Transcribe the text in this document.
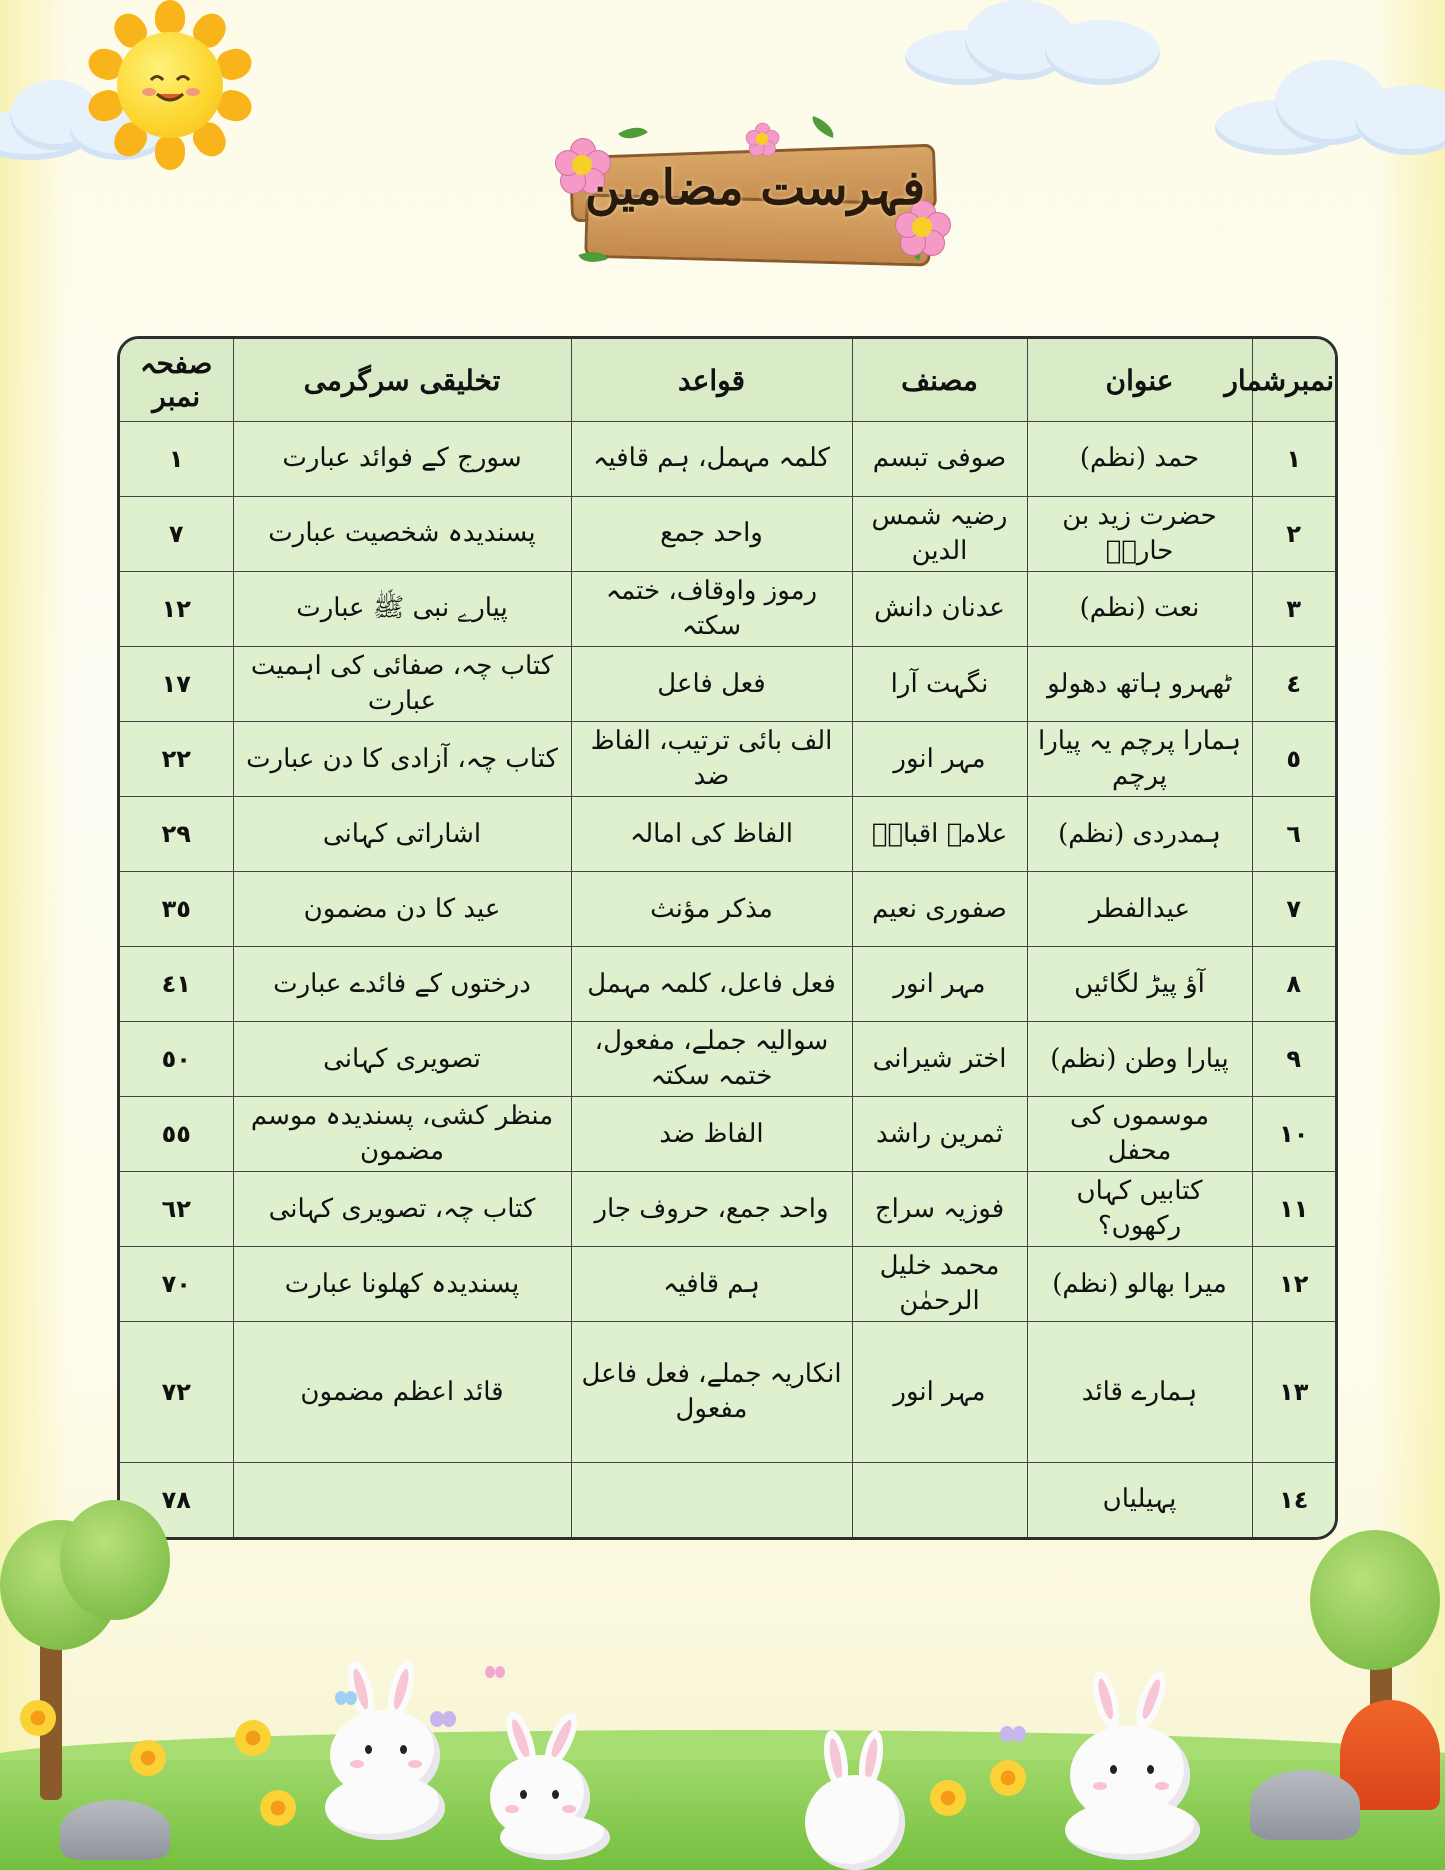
فہرست مضامین
نمبرشمار	عنوان	مصنف	قواعد	تخلیقی سرگرمی	صفحہ نمبر
١	حمد (نظم)	صوفی تبسم	کلمہ مہمل، ہم قافیہ	سورج کے فوائد عبارت	١
٢	حضرت زید بن حارثؓ	رضیہ شمس الدین	واحد جمع	پسندیدہ شخصیت عبارت	٧
٣	نعت (نظم)	عدنان دانش	رموز واوقاف، ختمہ سکتہ	پیارے نبی ﷺ عبارت	١٢
٤	ٹھہرو ہاتھ دھولو	نگہت آرا	فعل فاعل	کتاب چہ، صفائی کی اہمیت عبارت	١٧
٥	ہمارا پرچم یہ پیارا پرچم	مہر انور	الف بائی ترتیب، الفاظ ضد	کتاب چہ، آزادی کا دن عبارت	٢٢
٦	ہمدردی (نظم)	علامہ اقبالؒ	الفاظ کی امالہ	اشاراتی کہانی	٢٩
٧	عیدالفطر	صفوری نعیم	مذکر مؤنث	عید کا دن مضمون	٣٥
٨	آؤ پیڑ لگائیں	مہر انور	فعل فاعل، کلمہ مہمل	درختوں کے فائدے عبارت	٤١
٩	پیارا وطن (نظم)	اختر شیرانی	سوالیہ جملے، مفعول، ختمہ سکتہ	تصویری کہانی	٥٠
١٠	موسموں کی محفل	ثمرین راشد	الفاظ ضد	منظر کشی، پسندیدہ موسم مضمون	٥٥
١١	کتابیں کہاں رکھوں؟	فوزیہ سراج	واحد جمع، حروف جار	کتاب چہ، تصویری کہانی	٦٢
١٢	میرا بھالو (نظم)	محمد خلیل الرحمٰن	ہم قافیہ	پسندیدہ کھلونا عبارت	٧٠
١٣	ہمارے قائد	مہر انور	انکاریہ جملے، فعل فاعل مفعول	قائد اعظم مضمون	٧٢
١٤	پہیلیاں				٧٨
